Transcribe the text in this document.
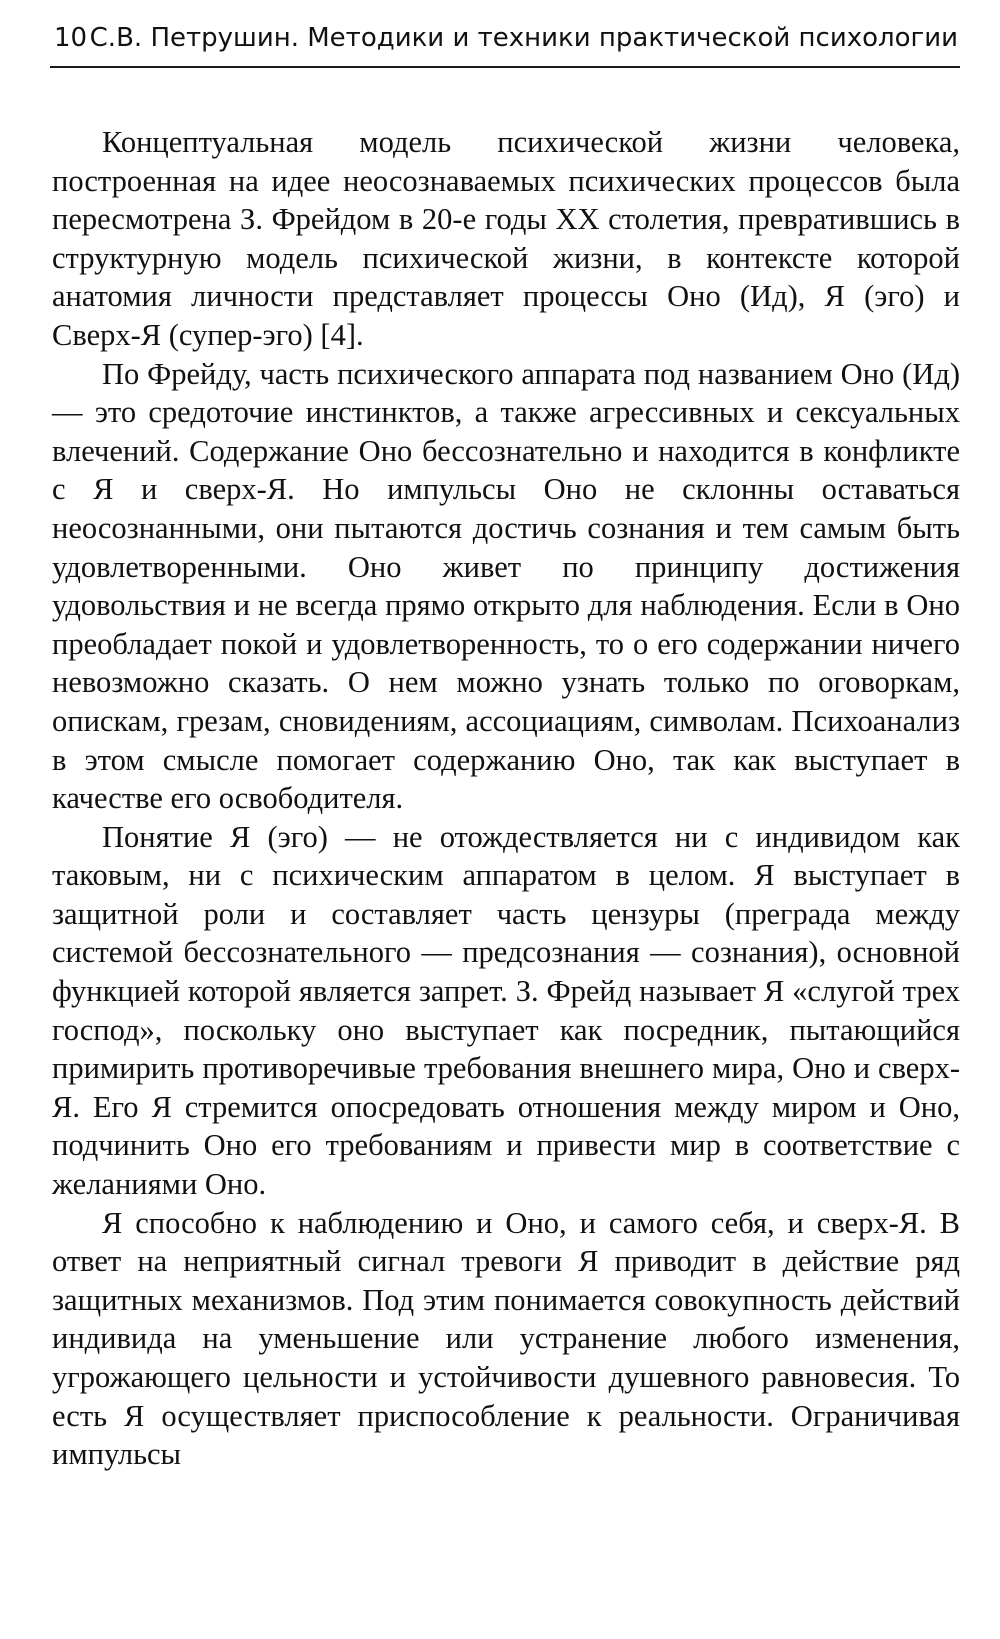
10 С.В. Петрушин. Методики и техники практической психологии

Концептуальная модель психической жизни человека, построенная на идее неосознаваемых психических процессов была пересмотрена З. Фрейдом в 20-е годы XX столетия, превратившись в структурную модель психической жизни, в контексте которой анатомия личности представляет процессы Оно (Ид), Я (эго) и Сверх-Я (супер-эго) [4].

По Фрейду, часть психического аппарата под названием Оно (Ид) — это средоточие инстинктов, а также агрессивных и сексуальных влечений. Содержание Оно бессознательно и находится в конфликте с Я и сверх-Я. Но импульсы Оно не склонны оставаться неосознанными, они пытаются достичь сознания и тем самым быть удовлетворенными. Оно живет по принципу достижения удовольствия и не всегда прямо открыто для наблюдения. Если в Оно преобладает покой и удовлетворенность, то о его содержании ничего невозможно сказать. О нем можно узнать только по оговоркам, опискам, грезам, сновидениям, ассоциациям, символам. Психоанализ в этом смысле помогает содержанию Оно, так как выступает в качестве его освободителя.

Понятие Я (эго) — не отождествляется ни с индивидом как таковым, ни с психическим аппаратом в целом. Я выступает в защитной роли и составляет часть цензуры (преграда между системой бессознательного — предсознания — сознания), основной функцией которой является запрет. З. Фрейд называет Я «слугой трех господ», поскольку оно выступает как посредник, пытающийся примирить противоречивые требования внешнего мира, Оно и сверх-Я. Его Я стремится опосредовать отношения между миром и Оно, подчинить Оно его требованиям и привести мир в соответствие с желаниями Оно.

Я способно к наблюдению и Оно, и самого себя, и сверх-Я. В ответ на неприятный сигнал тревоги Я приводит в действие ряд защитных механизмов. Под этим понимается совокупность действий индивида на уменьшение или устранение любого изменения, угрожающего цельности и устойчивости душевного равновесия. То есть Я осуществляет приспособление к реальности. Ограничивая импульсы
